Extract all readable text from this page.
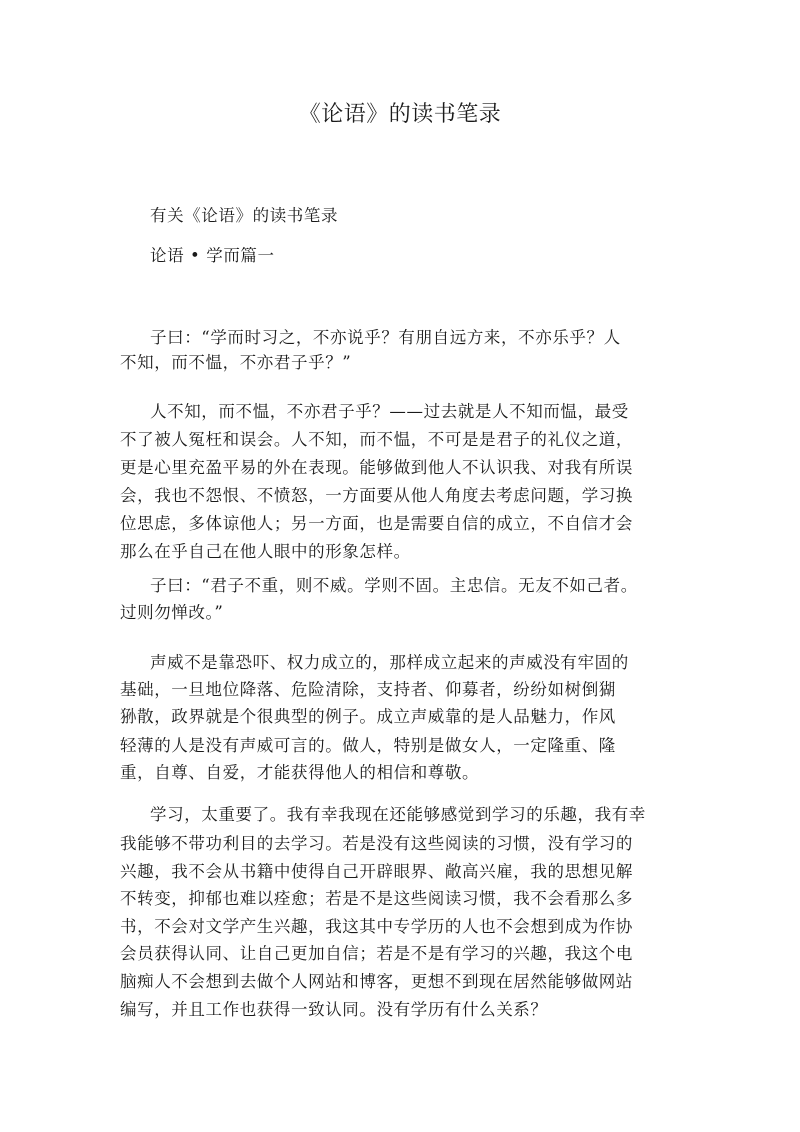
《论语》的读书笔录
有关《论语》的读书笔录
论语 • 学而篇一
子曰：“学而时习之，不亦说乎？有朋自远方来，不亦乐乎？人
不知，而不愠，不亦君子乎？”
人不知，而不愠，不亦君子乎？——过去就是人不知而愠，最受
不了被人冤枉和误会。人不知，而不愠，不可是是君子的礼仪之道，
更是心里充盈平易的外在表现。能够做到他人不认识我、对我有所误
会，我也不怨恨、不愤怒，一方面要从他人角度去考虑问题，学习换
位思虑，多体谅他人；另一方面，也是需要自信的成立，不自信才会
那么在乎自己在他人眼中的形象怎样。
子曰：“君子不重，则不威。学则不固。主忠信。无友不如己者。
过则勿惮改。”
声威不是靠恐吓、权力成立的，那样成立起来的声威没有牢固的
基础，一旦地位降落、危险清除，支持者、仰募者，纷纷如树倒猢
狲散，政界就是个很典型的例子。成立声威靠的是人品魅力，作风
轻薄的人是没有声威可言的。做人，特别是做女人，一定隆重、隆
重，自尊、自爱，才能获得他人的相信和尊敬。
学习，太重要了。我有幸我现在还能够感觉到学习的乐趣，我有幸
我能够不带功利目的去学习。若是没有这些阅读的习惯，没有学习的
兴趣，我不会从书籍中使得自己开辟眼界、敞高兴雇，我的思想见解
不转变，抑郁也难以痊愈；若是不是这些阅读习惯，我不会看那么多
书，不会对文学产生兴趣，我这其中专学历的人也不会想到成为作协
会员获得认同、让自己更加自信；若是不是有学习的兴趣，我这个电
脑痴人不会想到去做个人网站和博客，更想不到现在居然能够做网站
编写，并且工作也获得一致认同。没有学历有什么关系？
